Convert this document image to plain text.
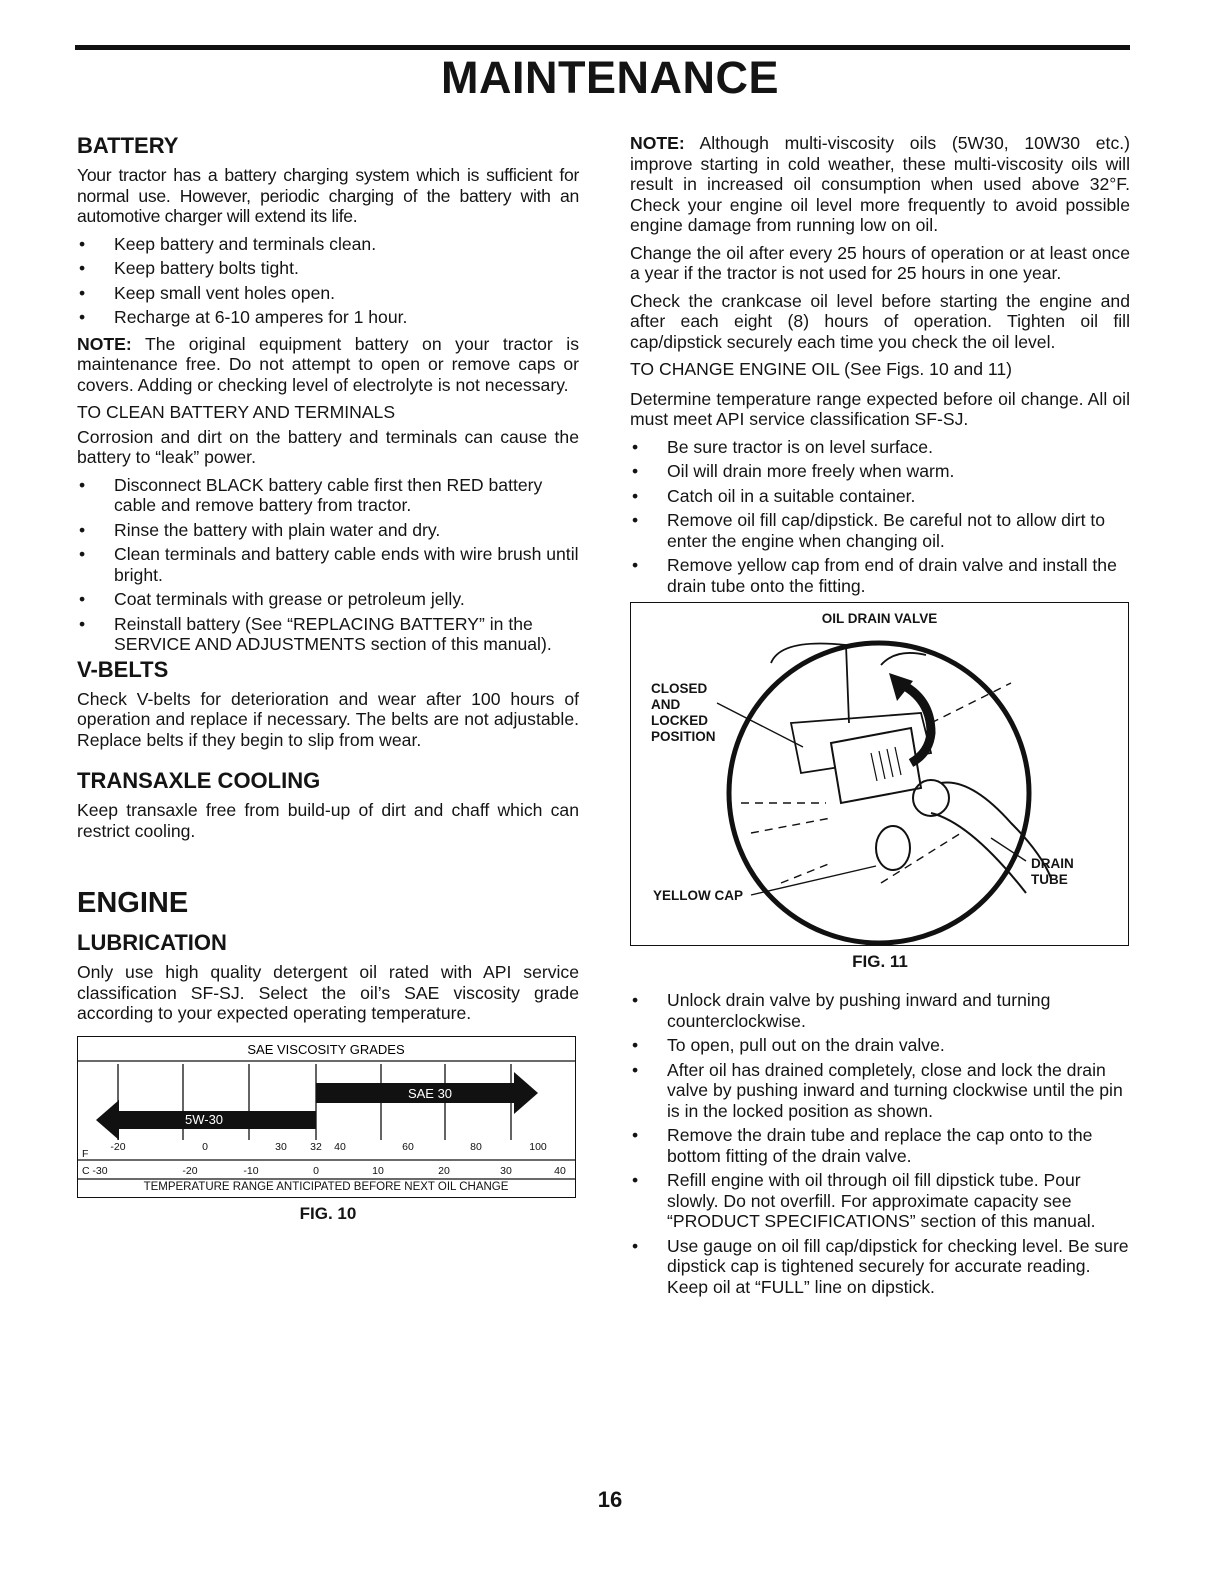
MAINTENANCE
BATTERY

Your tractor has a battery charging system which is sufficient for normal use. However, periodic charging of the battery with an automotive charger will extend its life.

• Keep battery and terminals clean.
• Keep battery bolts tight.
• Keep small vent holes open.
• Recharge at 6-10 amperes for 1 hour.

NOTE: The original equipment battery on your tractor is maintenance free. Do not attempt to open or remove caps or covers. Adding or checking level of electrolyte is not necessary.

TO CLEAN BATTERY AND TERMINALS

Corrosion and dirt on the battery and terminals can cause the battery to “leak” power.

• Disconnect BLACK battery cable first then RED battery cable and remove battery from tractor.
• Rinse the battery with plain water and dry.
• Clean terminals and battery cable ends with wire brush until bright.
• Coat terminals with grease or petroleum jelly.
• Reinstall battery (See “REPLACING BATTERY” in the SERVICE AND ADJUSTMENTS section of this manual).
V-BELTS

Check V-belts for deterioration and wear after 100 hours of operation and replace if necessary. The belts are not adjustable. Replace belts if they begin to slip from wear.

TRANSAXLE COOLING

Keep transaxle free from build-up of dirt and chaff which can restrict cooling.

ENGINE
LUBRICATION

Only use high quality detergent oil rated with API service classification SF-SJ. Select the oil’s SAE viscosity grade according to your expected operating temperature.

SAE VISCOSITY GRADES
SAE 30
5W-30
F
-20	0	30 32 40	60	80	100
C -30	-20	-10	0	10	20	30	40
TEMPERATURE RANGE ANTICIPATED BEFORE NEXT OIL CHANGE
FIG. 10

NOTE: Although multi-viscosity oils (5W30, 10W30 etc.) improve starting in cold weather, these multi-viscosity oils will result in increased oil consumption when used above 32°F. Check your engine oil level more frequently to avoid possible engine damage from running low on oil.

Change the oil after every 25 hours of operation or at least once a year if the tractor is not used for 25 hours in one year.

Check the crankcase oil level before starting the engine and after each eight (8) hours of operation. Tighten oil fill cap/dipstick securely each time you check the oil level.

TO CHANGE ENGINE OIL (See Figs. 10 and 11)

Determine temperature range expected before oil change. All oil must meet API service classification SF-SJ.

• Be sure tractor is on level surface.
• Oil will drain more freely when warm.
• Catch oil in a suitable container.
• Remove oil fill cap/dipstick. Be careful not to allow dirt to enter the engine when changing oil.
• Remove yellow cap from end of drain valve and install the drain tube onto the fitting.
OIL DRAIN VALVE
CLOSED
AND
LOCKED
POSITION
DRAIN
TUBE
YELLOW CAP
FIG. 11
• Unlock drain valve by pushing inward and turning counterclockwise.
• To open, pull out on the drain valve.
• After oil has drained completely, close and lock the drain valve by pushing inward and turning clockwise until the pin is in the locked position as shown.
• Remove the drain tube and replace the cap onto to the bottom fitting of the drain valve.
• Refill engine with oil through oil fill dipstick tube. Pour slowly. Do not overfill. For approximate capacity see “PRODUCT SPECIFICATIONS” section of this manual.
• Use gauge on oil fill cap/dipstick for checking level. Be sure dipstick cap is tightened securely for accurate reading. Keep oil at “FULL” line on dipstick.
16
